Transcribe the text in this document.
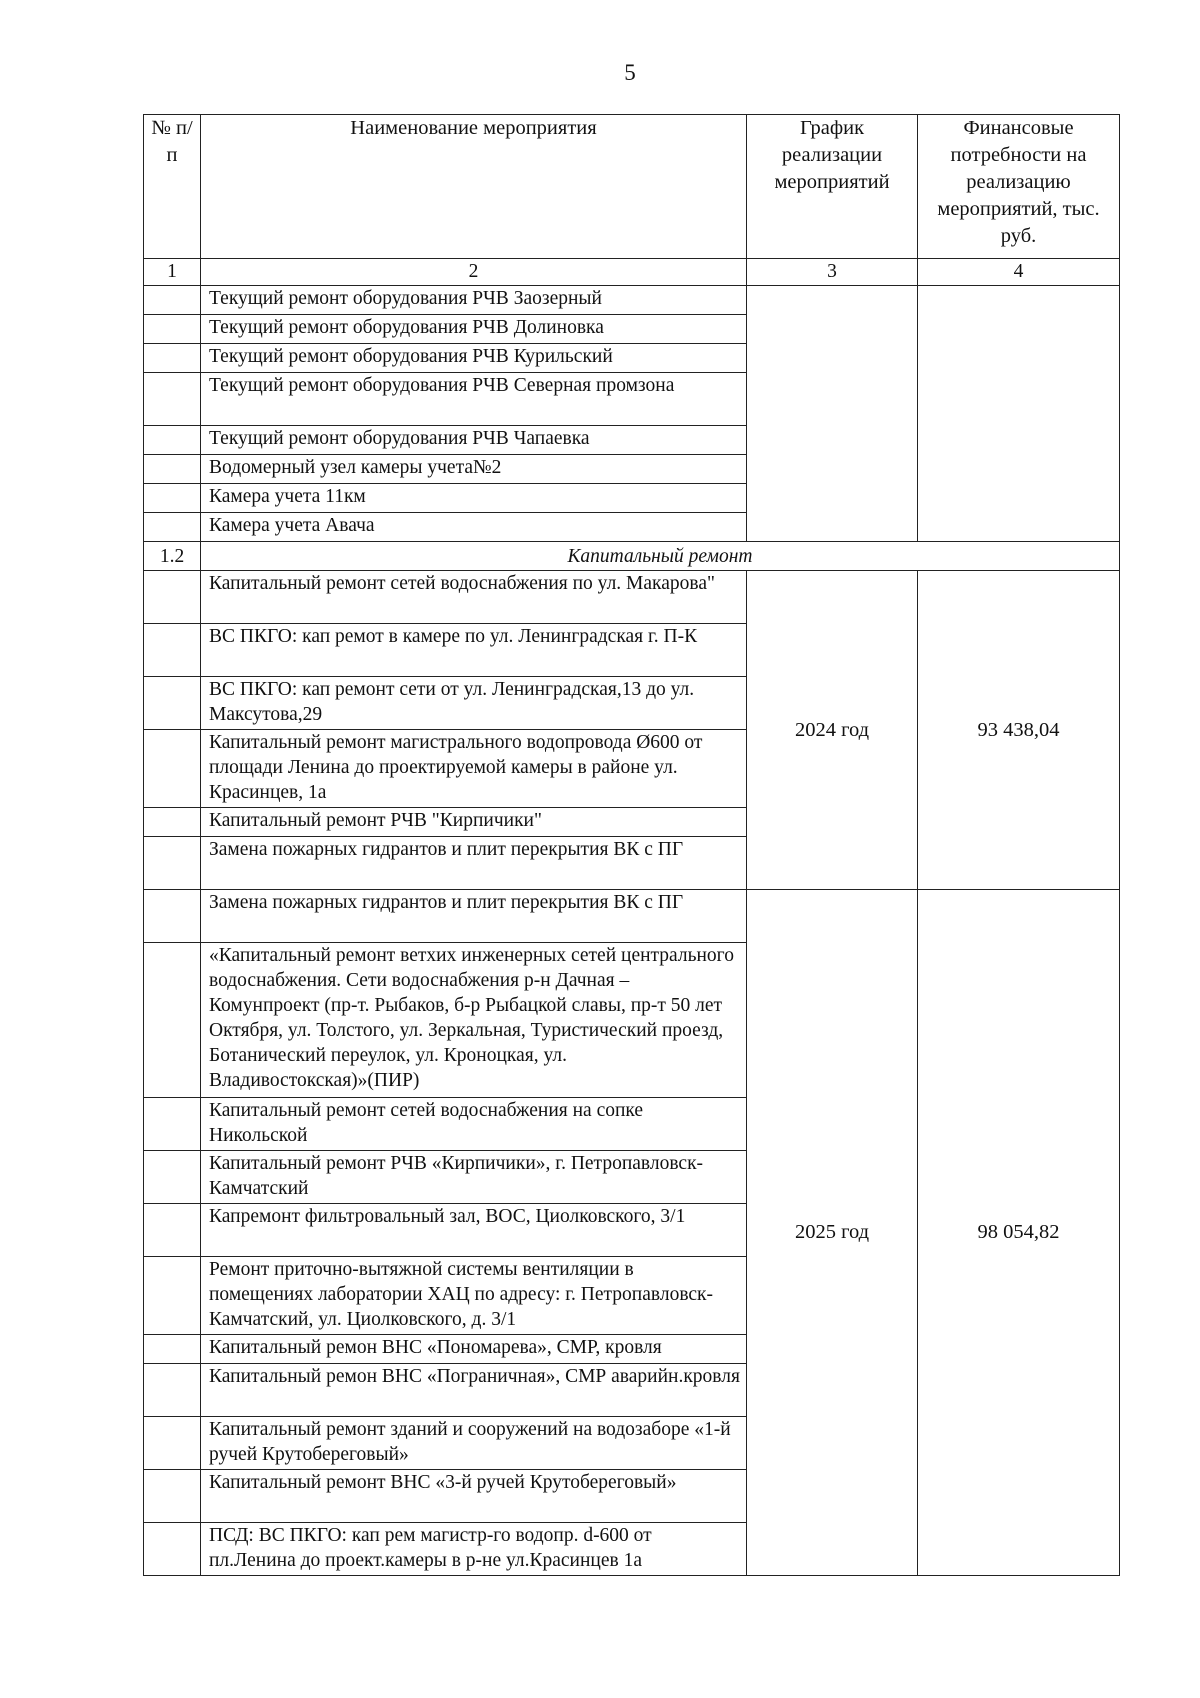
5
№ п/п	Наименование мероприятия	График реализации мероприятий	Финансовые потребности на реализацию мероприятий, тыс. руб.
1	2	3	4
	Текущий ремонт оборудования РЧВ Заозерный		
	Текущий ремонт оборудования РЧВ Долиновка		
	Текущий ремонт оборудования РЧВ Курильский		
	Текущий ремонт оборудования РЧВ Северная промзона		
	Текущий ремонт оборудования РЧВ Чапаевка		
	Водомерный узел камеры учета№2		
	Камера учета 11км		
	Камера учета Авача		
1.2	Капитальный ремонт		
	Капитальный ремонт сетей водоснабжения по ул. Макарова"	2024 год	93 438,04
	ВС ПКГО: кап ремот в камере по ул. Ленинградская г. П-К		
	ВС ПКГО: кап ремонт сети от ул. Ленинградская,13 до ул. Максутова,29		
	Капитальный ремонт магистрального водопровода Ø600 от площади Ленина до проектируемой камеры в районе ул. Красинцев, 1а		
	Капитальный ремонт РЧВ "Кирпичики"		
	Замена пожарных гидрантов и плит перекрытия ВК с ПГ		
	Замена пожарных гидрантов и плит перекрытия ВК с ПГ	2025 год	98 054,82
	«Капитальный ремонт ветхих инженерных сетей центрального водоснабжения. Сети водоснабжения р-н Дачная – Комунпроект (пр-т. Рыбаков, б-р Рыбацкой славы, пр-т 50 лет Октября, ул. Толстого, ул. Зеркальная, Туристический проезд, Ботанический переулок, ул. Кроноцкая, ул. Владивостокская)»(ПИР)		
	Капитальный ремонт сетей водоснабжения на сопке Никольской		
	Капитальный ремонт РЧВ «Кирпичики», г. Петропавловск-Камчатский		
	Капремонт фильтровальный зал, ВОС, Циолковского, 3/1		
	Ремонт приточно-вытяжной системы вентиляции в помещениях лаборатории ХАЦ по адресу: г. Петропавловск-Камчатский, ул. Циолковского, д. 3/1		
	Капитальный ремон ВНС «Пономарева», СМР, кровля		
	Капитальный ремон ВНС «Пограничная», СМР аварийн.кровля		
	Капитальный ремонт зданий и сооружений на водозаборе «1-й ручей Крутобереговый»		
	Капитальный ремонт ВНС «3-й ручей Крутобереговый»		
	ПСД: ВС ПКГО: кап рем магистр-го водопр. d-600 от пл.Ленина до проект.камеры в р-не ул.Красинцев 1а		
